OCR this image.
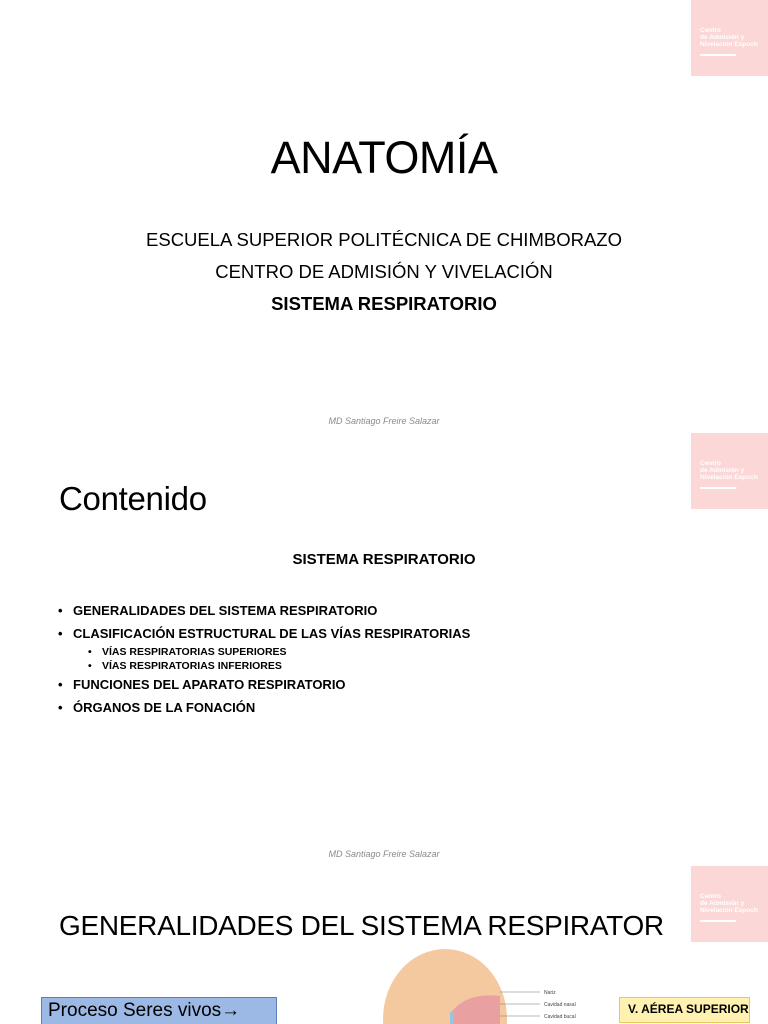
Centro
de Admisión y
Nivelación Espoch
ANATOMÍA
ESCUELA SUPERIOR POLITÉCNICA DE CHIMBORAZO
CENTRO DE ADMISIÓN Y VIVELACIÓN
SISTEMA RESPIRATORIO
MD Santiago Freire Salazar
Centro
de Admisión y
Nivelación Espoch
Contenido
SISTEMA RESPIRATORIO
• GENERALIDADES DEL SISTEMA RESPIRATORIO
• CLASIFICACIÓN ESTRUCTURAL DE LAS VÍAS RESPIRATORIAS
• VÍAS RESPIRATORIAS SUPERIORES
• VÍAS RESPIRATORIAS INFERIORES
• FUNCIONES DEL APARATO RESPIRATORIO
• ÓRGANOS DE LA FONACIÓN
MD Santiago Freire Salazar
Centro
de Admisión y
Nivelación Espoch
GENERALIDADES DEL SISTEMA RESPIRATOR
Nariz
Cavidad nasal
Cavidad bucal
Proceso Seres vivos→	V. AÉREA SUPERIOR
